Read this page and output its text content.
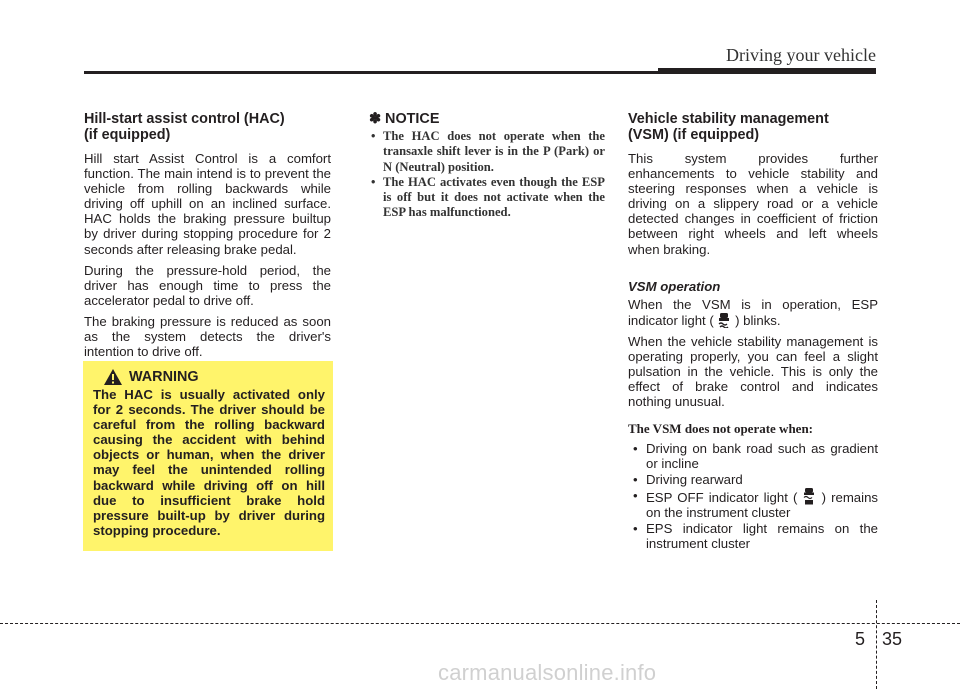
Driving your vehicle
Hill-start assist control (HAC)
(if equipped)

Hill start Assist Control is a comfort function. The main intend is to prevent the vehicle from rolling backwards while driving off uphill on an inclined surface. HAC holds the braking pressure builtup by driver during stopping procedure for 2 seconds after releasing brake pedal.

During the pressure-hold period, the driver has enough time to press the accelerator pedal to drive off.

The braking pressure is reduced as soon as the system detects the driver's intention to drive off.

WARNING

The HAC is usually activated only for 2 seconds. The driver should be careful from the rolling backward causing the accident with behind objects or human, when the driver may feel the unintended rolling backward while driving off on hill due to insufficient brake hold pressure built-up by driver during stopping procedure.

✽ NOTICE
• The HAC does not operate when the transaxle shift lever is in the P (Park) or N (Neutral) position.
• The HAC activates even though the ESP is off but it does not activate when the ESP has malfunctioned.
Vehicle stability management
(VSM) (if equipped)

This system provides further enhancements to vehicle stability and steering responses when a vehicle is driving on a slippery road or a vehicle detected changes in coefficient of friction between right wheels and left wheels when braking.

VSM operation

When the VSM is in operation, ESP indicator light ( ) blinks.

When the vehicle stability management is operating properly, you can feel a slight pulsation in the vehicle. This is only the effect of brake control and indicates nothing unusual.

The VSM does not operate when:
• Driving on bank road such as gradient or incline
• Driving rearward
• ESP OFF indicator light ( ) remains on the instrument cluster
• EPS indicator light remains on the instrument cluster
5 35
carmanualsonline.info
